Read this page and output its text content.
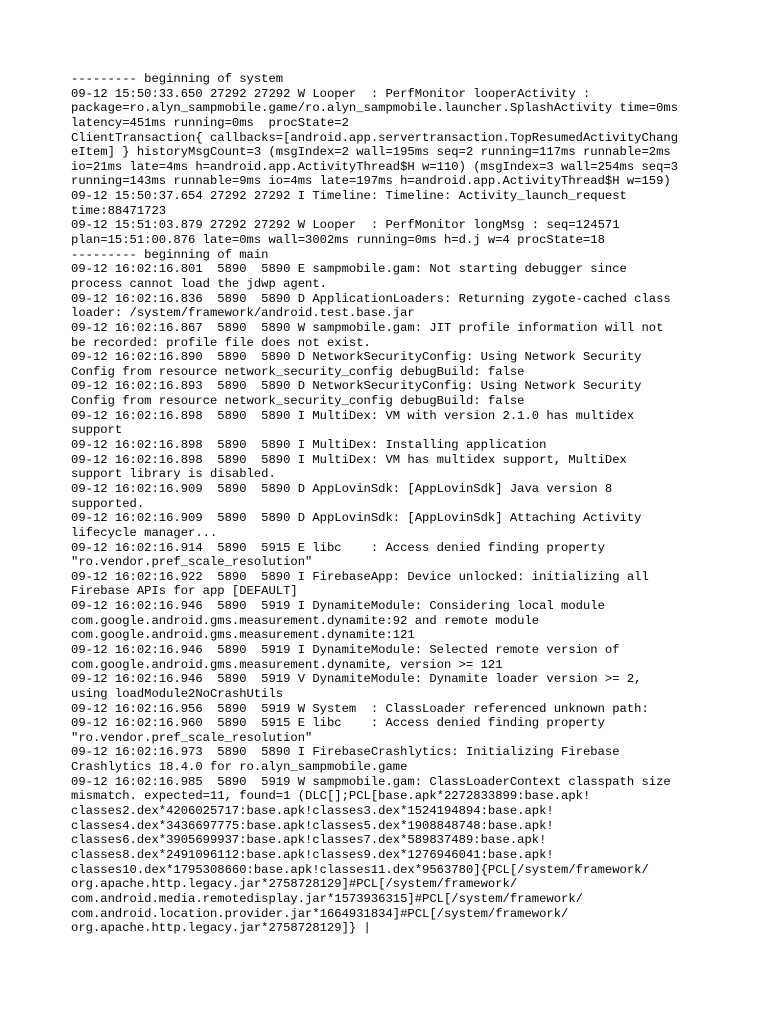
--------- beginning of system
09-12 15:50:33.650 27292 27292 W Looper  : PerfMonitor looperActivity :
package=ro.alyn_sampmobile.game/ro.alyn_sampmobile.launcher.SplashActivity time=0ms
latency=451ms running=0ms  procState=2
ClientTransaction{ callbacks=[android.app.servertransaction.TopResumedActivityChang
eItem] } historyMsgCount=3 (msgIndex=2 wall=195ms seq=2 running=117ms runnable=2ms
io=21ms late=4ms h=android.app.ActivityThread$H w=110) (msgIndex=3 wall=254ms seq=3
running=143ms runnable=9ms io=4ms late=197ms h=android.app.ActivityThread$H w=159)
09-12 15:50:37.654 27292 27292 I Timeline: Timeline: Activity_launch_request
time:88471723
09-12 15:51:03.879 27292 27292 W Looper  : PerfMonitor longMsg : seq=124571
plan=15:51:00.876 late=0ms wall=3002ms running=0ms h=d.j w=4 procState=18
--------- beginning of main
09-12 16:02:16.801  5890  5890 E sampmobile.gam: Not starting debugger since
process cannot load the jdwp agent.
09-12 16:02:16.836  5890  5890 D ApplicationLoaders: Returning zygote-cached class
loader: /system/framework/android.test.base.jar
09-12 16:02:16.867  5890  5890 W sampmobile.gam: JIT profile information will not
be recorded: profile file does not exist.
09-12 16:02:16.890  5890  5890 D NetworkSecurityConfig: Using Network Security
Config from resource network_security_config debugBuild: false
09-12 16:02:16.893  5890  5890 D NetworkSecurityConfig: Using Network Security
Config from resource network_security_config debugBuild: false
09-12 16:02:16.898  5890  5890 I MultiDex: VM with version 2.1.0 has multidex
support
09-12 16:02:16.898  5890  5890 I MultiDex: Installing application
09-12 16:02:16.898  5890  5890 I MultiDex: VM has multidex support, MultiDex
support library is disabled.
09-12 16:02:16.909  5890  5890 D AppLovinSdk: [AppLovinSdk] Java version 8
supported.
09-12 16:02:16.909  5890  5890 D AppLovinSdk: [AppLovinSdk] Attaching Activity
lifecycle manager...
09-12 16:02:16.914  5890  5915 E libc    : Access denied finding property
"ro.vendor.pref_scale_resolution"
09-12 16:02:16.922  5890  5890 I FirebaseApp: Device unlocked: initializing all
Firebase APIs for app [DEFAULT]
09-12 16:02:16.946  5890  5919 I DynamiteModule: Considering local module
com.google.android.gms.measurement.dynamite:92 and remote module
com.google.android.gms.measurement.dynamite:121
09-12 16:02:16.946  5890  5919 I DynamiteModule: Selected remote version of
com.google.android.gms.measurement.dynamite, version >= 121
09-12 16:02:16.946  5890  5919 V DynamiteModule: Dynamite loader version >= 2,
using loadModule2NoCrashUtils
09-12 16:02:16.956  5890  5919 W System  : ClassLoader referenced unknown path:
09-12 16:02:16.960  5890  5915 E libc    : Access denied finding property
"ro.vendor.pref_scale_resolution"
09-12 16:02:16.973  5890  5890 I FirebaseCrashlytics: Initializing Firebase
Crashlytics 18.4.0 for ro.alyn_sampmobile.game
09-12 16:02:16.985  5890  5919 W sampmobile.gam: ClassLoaderContext classpath size
mismatch. expected=11, found=1 (DLC[];PCL[base.apk*2272833899:base.apk!
classes2.dex*4206025717:base.apk!classes3.dex*1524194894:base.apk!
classes4.dex*3436697775:base.apk!classes5.dex*1908848748:base.apk!
classes6.dex*3905699937:base.apk!classes7.dex*589837489:base.apk!
classes8.dex*2491096112:base.apk!classes9.dex*1276946041:base.apk!
classes10.dex*1795308660:base.apk!classes11.dex*9563780]{PCL[/system/framework/
org.apache.http.legacy.jar*2758728129]#PCL[/system/framework/
com.android.media.remotedisplay.jar*1573936315]#PCL[/system/framework/
com.android.location.provider.jar*1664931834]#PCL[/system/framework/
org.apache.http.legacy.jar*2758728129]} |
